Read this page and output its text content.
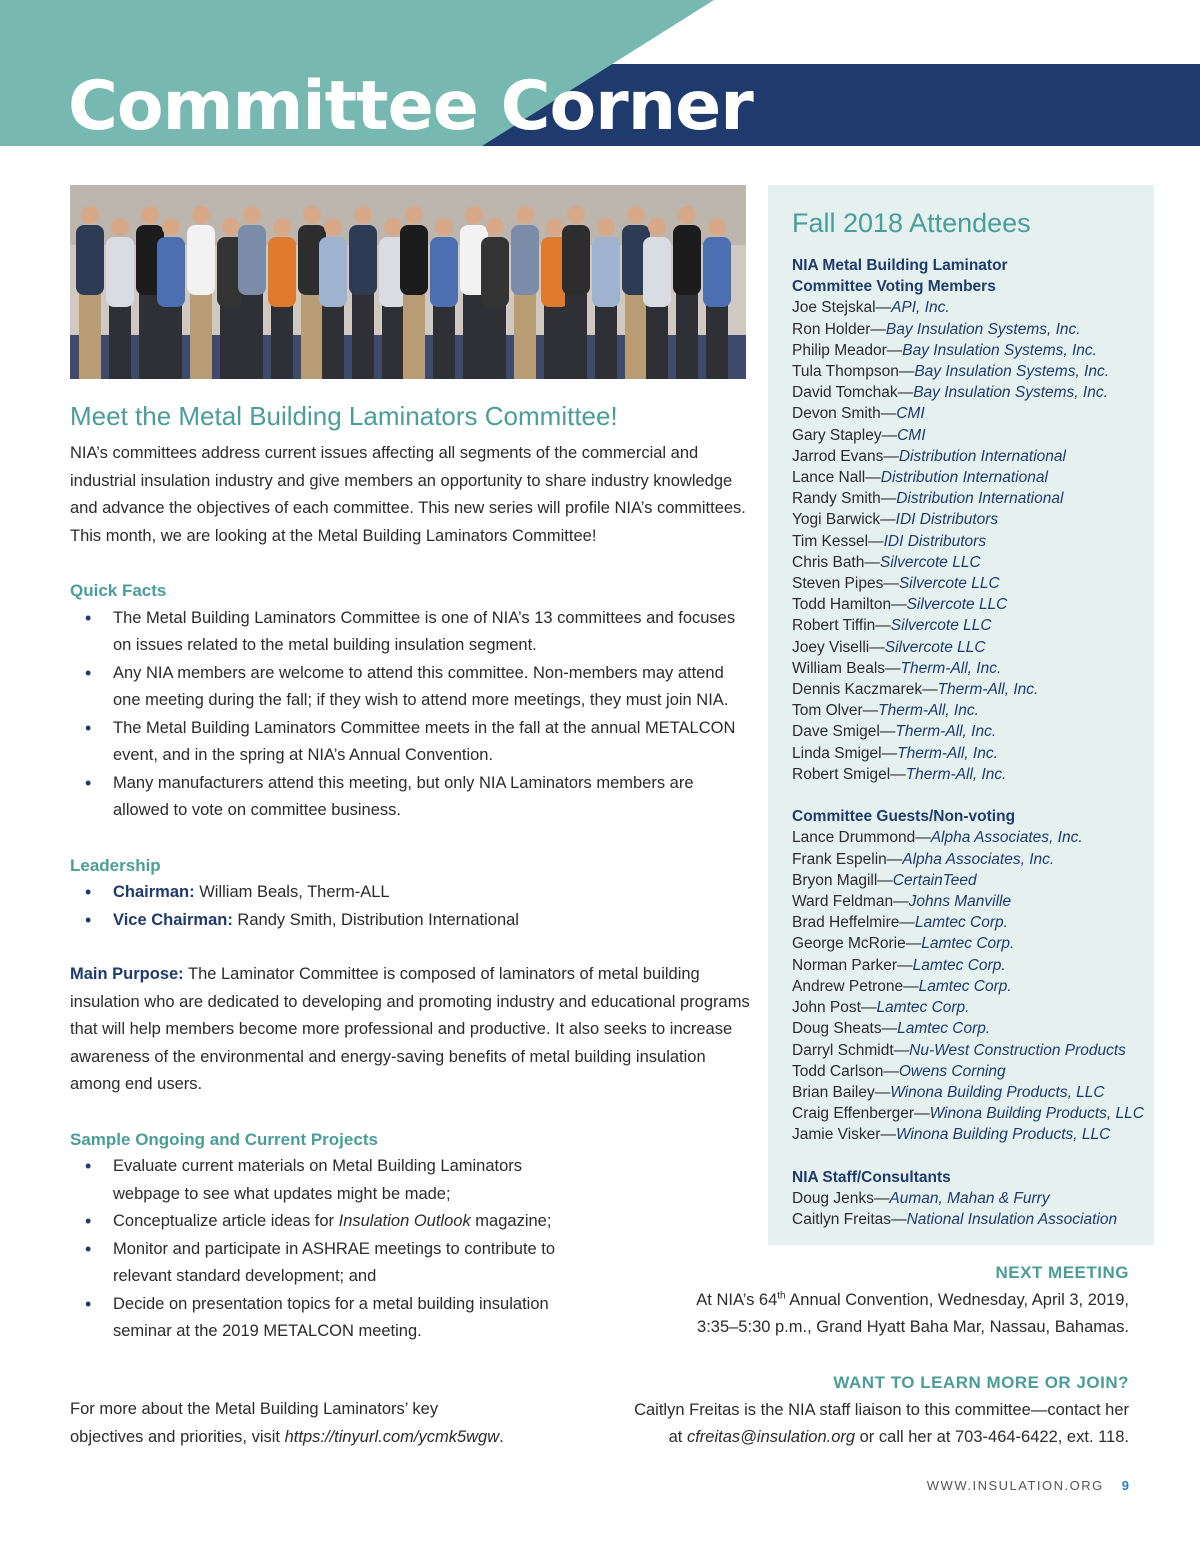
Committee Corner
Meet the Metal Building Laminators Committee!

NIA’s committees address current issues affecting all segments of the commercial and industrial insulation industry and give members an opportunity to share industry knowledge and advance the objectives of each committee. This new series will profile NIA’s committees. This month, we are looking at the Metal Building Laminators Committee!

Quick Facts
• The Metal Building Laminators Committee is one of NIA’s 13 committees and focuses on issues related to the metal building insulation segment.
• Any NIA members are welcome to attend this committee. Non-members may attend one meeting during the fall; if they wish to attend more meetings, they must join NIA.
• The Metal Building Laminators Committee meets in the fall at the annual METALCON event, and in the spring at NIA’s Annual Convention.
• Many manufacturers attend this meeting, but only NIA Laminators members are allowed to vote on committee business.
Leadership
• Chairman: William Beals, Therm-ALL
• Vice Chairman: Randy Smith, Distribution International

Main Purpose: The Laminator Committee is composed of laminators of metal building insulation who are dedicated to developing and promoting industry and educational programs that will help members become more professional and productive. It also seeks to increase awareness of the environmental and energy-saving benefits of metal building insulation among end users.

Sample Ongoing and Current Projects
• Evaluate current materials on Metal Building Laminators webpage to see what updates might be made;
• Conceptualize article ideas for Insulation Outlook magazine;
• Monitor and participate in ASHRAE meetings to contribute to relevant standard development; and
• Decide on presentation topics for a metal building insulation seminar at the 2019 METALCON meeting.
For more about the Metal Building Laminators’ key
objectives and priorities, visit https://tinyurl.com/ycmk5wgw.
Fall 2018 Attendees
NIA Metal Building Laminator
Committee Voting Members
Joe Stejskal—API, Inc.
Ron Holder—Bay Insulation Systems, Inc.
Philip Meador—Bay Insulation Systems, Inc.
Tula Thompson—Bay Insulation Systems, Inc.
David Tomchak—Bay Insulation Systems, Inc.
Devon Smith—CMI
Gary Stapley—CMI
Jarrod Evans—Distribution International
Lance Nall—Distribution International
Randy Smith—Distribution International
Yogi Barwick—IDI Distributors
Tim Kessel—IDI Distributors
Chris Bath—Silvercote LLC
Steven Pipes—Silvercote LLC
Todd Hamilton—Silvercote LLC
Robert Tiffin—Silvercote LLC
Joey Viselli—Silvercote LLC
William Beals—Therm-All, Inc.
Dennis Kaczmarek—Therm-All, Inc.
Tom Olver—Therm-All, Inc.
Dave Smigel—Therm-All, Inc.
Linda Smigel—Therm-All, Inc.
Robert Smigel—Therm-All, Inc.
Committee Guests/Non-voting
Lance Drummond—Alpha Associates, Inc.
Frank Espelin—Alpha Associates, Inc.
Bryon Magill—CertainTeed
Ward Feldman—Johns Manville
Brad Heffelmire—Lamtec Corp.
George McRorie—Lamtec Corp.
Norman Parker—Lamtec Corp.
Andrew Petrone—Lamtec Corp.
John Post—Lamtec Corp.
Doug Sheats—Lamtec Corp.
Darryl Schmidt—Nu-West Construction Products
Todd Carlson—Owens Corning
Brian Bailey—Winona Building Products, LLC
Craig Effenberger—Winona Building Products, LLC
Jamie Visker—Winona Building Products, LLC
NIA Staff/Consultants
Doug Jenks—Auman, Mahan & Furry
Caitlyn Freitas—National Insulation Association
NEXT MEETING
At NIA’s 64th Annual Convention, Wednesday, April 3, 2019,
3:35–5:30 p.m., Grand Hyatt Baha Mar, Nassau, Bahamas.
WANT TO LEARN MORE OR JOIN?
Caitlyn Freitas is the NIA staff liaison to this committee—contact her
at cfreitas@insulation.org or call her at 703-464-6422, ext. 118.
WWW.INSULATION.ORG 9
